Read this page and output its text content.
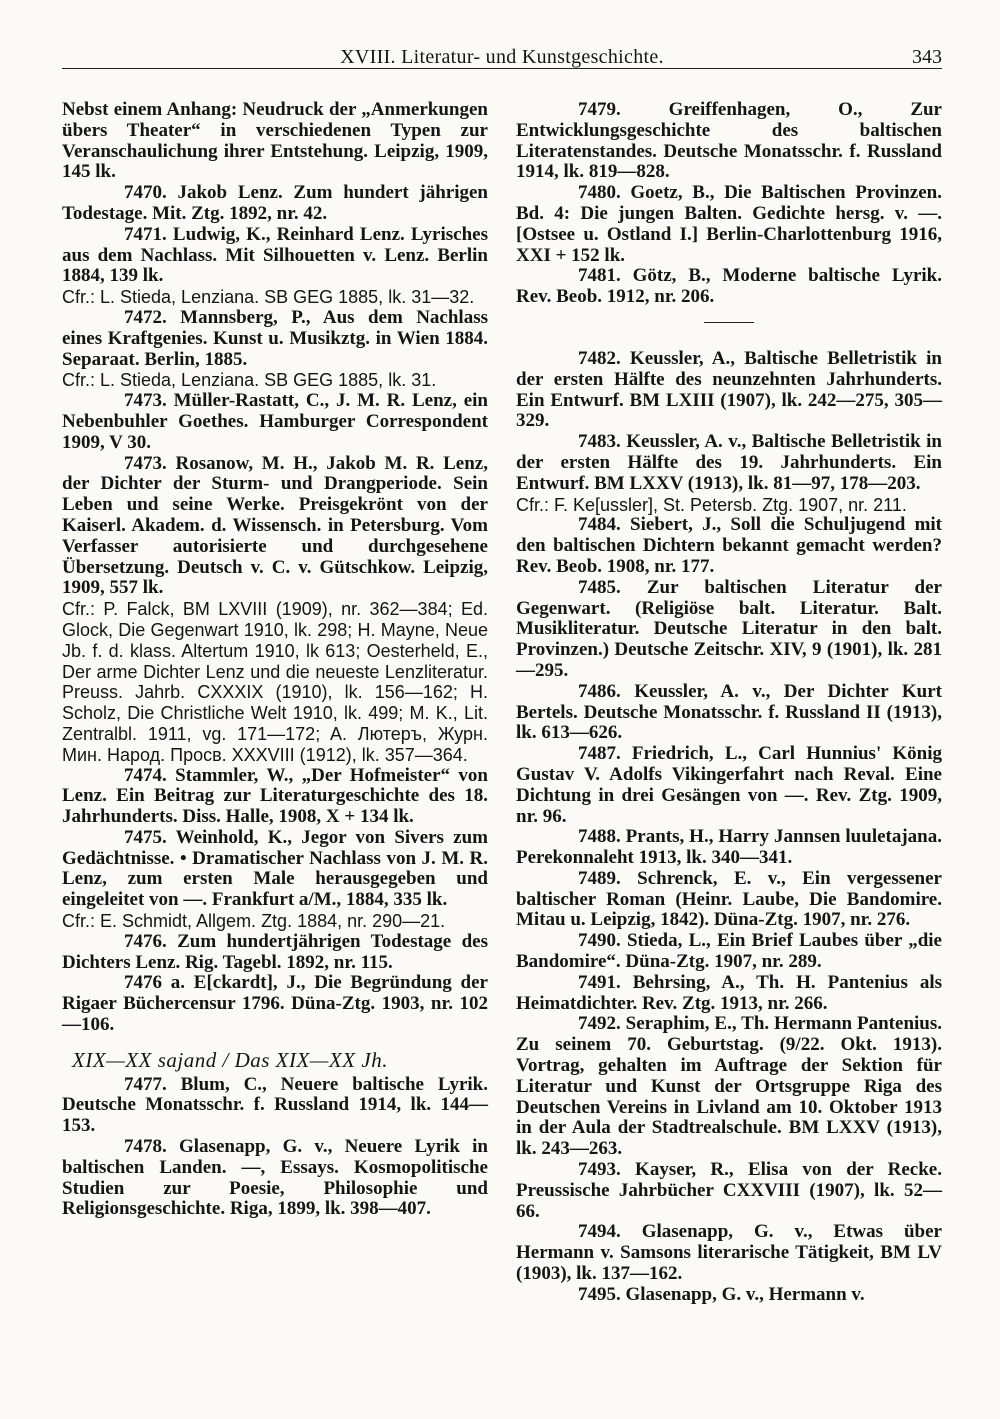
XVIII. Literatur- und Kunstgeschichte.	343

Nebst einem Anhang: Neudruck der „Anmerkungen übers Theater“ in verschiedenen Typen zur Veranschaulichung ihrer Entstehung. Leipzig, 1909, 145 lk.

7470. Jakob Lenz. Zum hundert jährigen Todestage. Mit. Ztg. 1892, nr. 42.

7471. Ludwig, K., Reinhard Lenz. Lyrisches aus dem Nachlass. Mit Silhouetten v. Lenz. Berlin 1884, 139 lk.

Cfr.: L. Stieda, Lenziana. SB GEG 1885, lk. 31—32.

7472. Mannsberg, P., Aus dem Nachlass eines Kraftgenies. Kunst u. Musikztg. in Wien 1884. Separaat. Berlin, 1885.

Cfr.: L. Stieda, Lenziana. SB GEG 1885, lk. 31.

7473. Müller-Rastatt, C., J. M. R. Lenz, ein Nebenbuhler Goethes. Hamburger Correspondent 1909, V 30.

7473. Rosanow, M. H., Jakob M. R. Lenz, der Dichter der Sturm- und Drangperiode. Sein Leben und seine Werke. Preisgekrönt von der Kaiserl. Akadem. d. Wissensch. in Petersburg. Vom Verfasser autorisierte und durchgesehene Übersetzung. Deutsch v. C. v. Gütschkow. Leipzig, 1909, 557 lk.

Cfr.: P. Falck, BM LXVIII (1909), nr. 362—384; Ed. Glock, Die Gegenwart 1910, lk. 298; H. Mayne, Neue Jb. f. d. klass. Altertum 1910, lk 613; Oesterheld, E., Der arme Dichter Lenz und die neueste Lenzliteratur. Preuss. Jahrb. CXXXIX (1910), lk. 156—162; H. Scholz, Die Christliche Welt 1910, lk. 499; M. K., Lit. Zentralbl. 1911, vg. 171—172; A. Лютеръ, Журн. Мин. Народ. Просв. XXXVIII (1912), lk. 357—364.

7474. Stammler, W., „Der Hofmeister“ von Lenz. Ein Beitrag zur Literaturgeschichte des 18. Jahrhunderts. Diss. Halle, 1908, X + 134 lk.

7475. Weinhold, K., Jegor von Sivers zum Gedächtnisse. • Dramatischer Nachlass von J. M. R. Lenz, zum ersten Male herausgegeben und eingeleitet von —. Frankfurt a/M., 1884, 335 lk.

Cfr.: E. Schmidt, Allgem. Ztg. 1884, nr. 290—21.

7476. Zum hundertjährigen Todestage des Dichters Lenz. Rig. Tagebl. 1892, nr. 115.

7476 a. E[ckardt], J., Die Begründung der Rigaer Büchercensur 1796. Düna-Ztg. 1903, nr. 102—106.

XIX—XX sajand / Das XIX—XX Jh.

7477. Blum, C., Neuere baltische Lyrik. Deutsche Monatsschr. f. Russland 1914, lk. 144—153.

7478. Glasenapp, G. v., Neuere Lyrik in baltischen Landen. —, Essays. Kosmopolitische Studien zur Poesie, Philosophie und Religionsgeschichte. Riga, 1899, lk. 398—407.

7479. Greiffenhagen, O., Zur Entwicklungsgeschichte des baltischen Literatenstandes. Deutsche Monatsschr. f. Russland 1914, lk. 819—828.

7480. Goetz, B., Die Baltischen Provinzen. Bd. 4: Die jungen Balten. Gedichte hersg. v. —. [Ostsee u. Ostland I.] Berlin-Charlottenburg 1916, XXI + 152 lk.

7481. Götz, B., Moderne baltische Lyrik. Rev. Beob. 1912, nr. 206.

7482. Keussler, A., Baltische Belletristik in der ersten Hälfte des neunzehnten Jahrhunderts. Ein Entwurf. BM LXIII (1907), lk. 242—275, 305—329.

7483. Keussler, A. v., Baltische Belletristik in der ersten Hälfte des 19. Jahrhunderts. Ein Entwurf. BM LXXV (1913), lk. 81—97, 178—203.

Cfr.: F. Ke[ussler], St. Petersb. Ztg. 1907, nr. 211.

7484. Siebert, J., Soll die Schuljugend mit den baltischen Dichtern bekannt gemacht werden? Rev. Beob. 1908, nr. 177.

7485. Zur baltischen Literatur der Gegenwart. (Religiöse balt. Literatur. Balt. Musikliteratur. Deutsche Literatur in den balt. Provinzen.) Deutsche Zeitschr. XIV, 9 (1901), lk. 281—295.

7486. Keussler, A. v., Der Dichter Kurt Bertels. Deutsche Monatsschr. f. Russland II (1913), lk. 613—626.

7487. Friedrich, L., Carl Hunnius' König Gustav V. Adolfs Vikingerfahrt nach Reval. Eine Dichtung in drei Gesängen von —. Rev. Ztg. 1909, nr. 96.

7488. Prants, H., Harry Jannsen luuletajana. Perekonnaleht 1913, lk. 340—341.

7489. Schrenck, E. v., Ein vergessener baltischer Roman (Heinr. Laube, Die Bandomire. Mitau u. Leipzig, 1842). Düna-Ztg. 1907, nr. 276.

7490. Stieda, L., Ein Brief Laubes über „die Bandomire“. Düna-Ztg. 1907, nr. 289.

7491. Behrsing, A., Th. H. Pantenius als Heimatdichter. Rev. Ztg. 1913, nr. 266.

7492. Seraphim, E., Th. Hermann Pantenius. Zu seinem 70. Geburtstag. (9/22. Okt. 1913). Vortrag, gehalten im Auftrage der Sektion für Literatur und Kunst der Ortsgruppe Riga des Deutschen Vereins in Livland am 10. Oktober 1913 in der Aula der Stadtrealschule. BM LXXV (1913), lk. 243—263.

7493. Kayser, R., Elisa von der Recke. Preussische Jahrbücher CXXVIII (1907), lk. 52—66.

7494. Glasenapp, G. v., Etwas über Hermann v. Samsons literarische Tätigkeit, BM LV (1903), lk. 137—162.

7495. Glasenapp, G. v., Hermann v.
